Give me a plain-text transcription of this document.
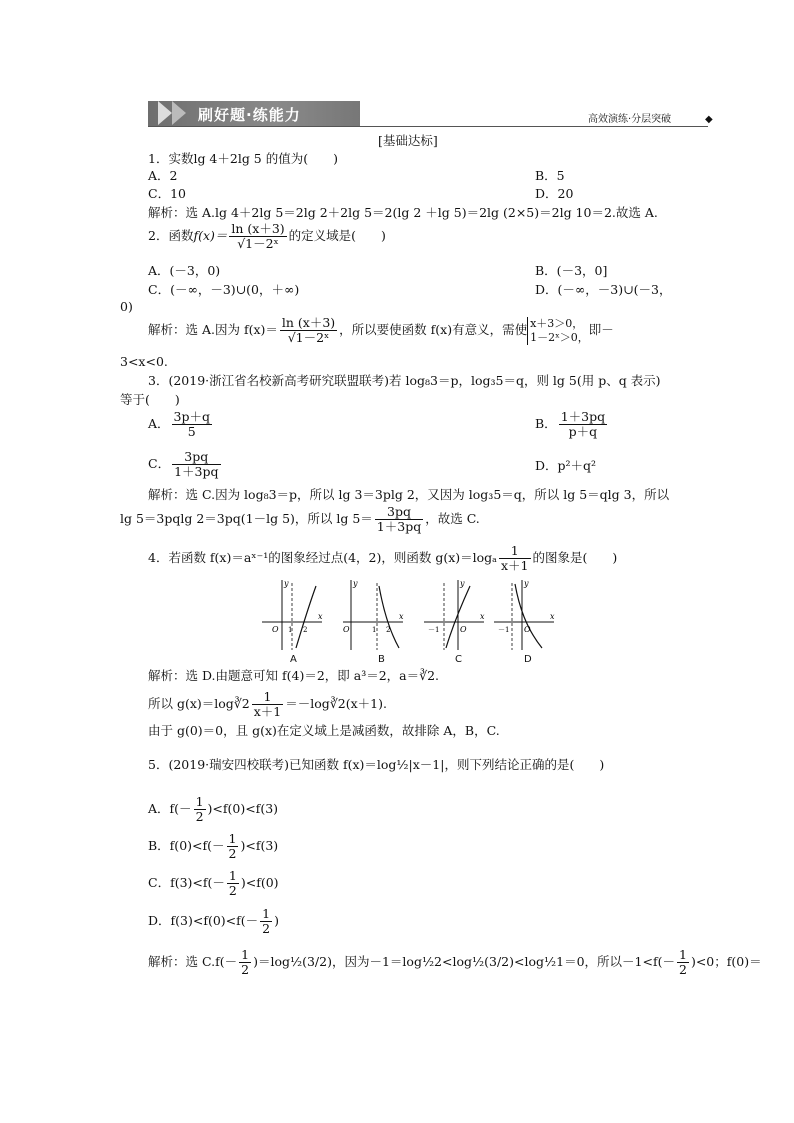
刷好题·练能力	高效演练·分层突破	◆
[基础达标]
1．实数lg 4＋2lg 5 的值为(　　)
A．2	B．5
C．10	D．20
解析：选 A.lg 4＋2lg 5＝2lg 2＋2lg 5＝2(lg 2 ＋lg 5)＝2lg (2×5)＝2lg 10＝2.故选 A.
2．函数$f(x)= \frac{\ln (x+3)}{\text{√1－2ˣ}}$ 的定义域是(　　)
A．(－3，0)	B．(－3，0]
C．(－∞，－3)∪(0，＋∞)	D．(－∞，－3)∪(－3，
0)
解析：选 A.因为 $f(x)= \frac{\ln (x+3)}{\text{√1－2ˣ}}$ ，所以要使函数 f(x)有意义，需使 x＋3＞0，
1－2ˣ＞0， 即－
3<x<0.
3．(2019·浙江省名校新高考研究联盟联考)若 log₈3＝p，log₃5＝q，则 lg 5(用 p、q 表示)
等于(　　)
A． $\frac{3p+q}{5}$	B． $\frac{1+3pq}{p+q}$
C． $\frac{3pq}{1+3pq}$	D．p²＋q²
解析：选 C.因为 log₈3＝p，所以 lg 3＝3plg 2，又因为 log₃5＝q，所以 lg 5＝qlg 3，所以
lg 5＝3pqlg 2＝3pq(1－lg 5)，所以 $\lg 5= \frac{3pq}{1+3pq}$ ，故选 C.
4．若函数 f(x)＝aˣ⁻¹的图象经过点(4，2)，则函数 $g(x)=\log_a \frac{1}{x+1}$ 的图象是(　　)
y
x
O 1 2
y
x
O	1 2
y
x
O
－1
y
x
O
－1
A	B	C	D
解析：选 D.由题意可知 f(4)＝2，即 a³＝2，a＝∛2.
所以 g(x)＝log∛2 $\frac{1}{x+1}$ ＝－log∛2(x＋1).
由于 g(0)＝0，且 g(x)在定义域上是减函数，故排除 A，B，C.
5．(2019·瑞安四校联考)已知函数 f(x)＝log½|x－1|，则下列结论正确的是(　　)
A．$f(- \frac{1}{2} )<f(0)<f(3)$
B．$f(0)<f(- \frac{1}{2} )<f(3)$
C．$f(3)<f(- \frac{1}{2} )<f(0)$
D．$f(3)<f(0)<f(- \frac{1}{2}$ )
解析：选 $C.f(- \frac{1}{2}$ )＝log½(3/2)，因为－1＝log½2<log½(3/2)<log½1＝0，所以$-1<f(- \frac{1}{2} )<0$；f(0)＝
